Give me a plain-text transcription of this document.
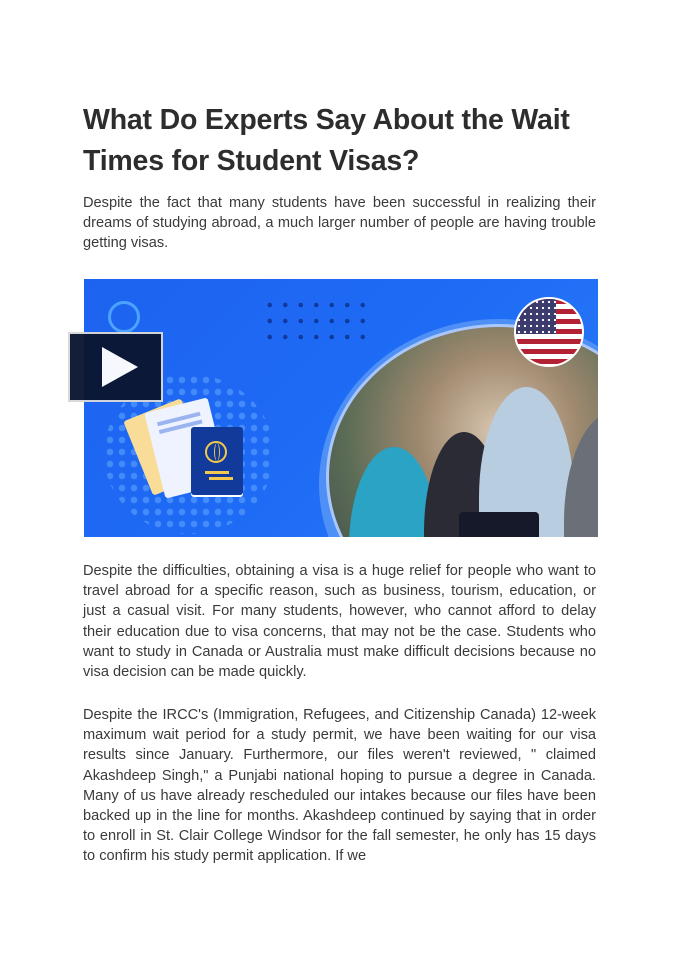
What Do Experts Say About the Wait Times for Student Visas?

Despite the fact that many students have been successful in realizing their dreams of studying abroad, a much larger number of people are having trouble getting visas.

Despite the difficulties, obtaining a visa is a huge relief for people who want to travel abroad for a specific reason, such as business, tourism, education, or just a casual visit. For many students, however, who cannot afford to delay their education due to visa concerns, that may not be the case. Students who want to study in Canada or Australia must make difficult decisions because no visa decision can be made quickly.

Despite the IRCC's (Immigration, Refugees, and Citizenship Canada) 12-week maximum wait period for a study permit, we have been waiting for our visa results since January. Furthermore, our files weren't reviewed, " claimed Akashdeep Singh," a Punjabi national hoping to pursue a degree in Canada. Many of us have already rescheduled our intakes because our files have been backed up in the line for months. Akashdeep continued by saying that in order to enroll in St. Clair College Windsor for the fall semester, he only has 15 days to confirm his study permit application. If we
